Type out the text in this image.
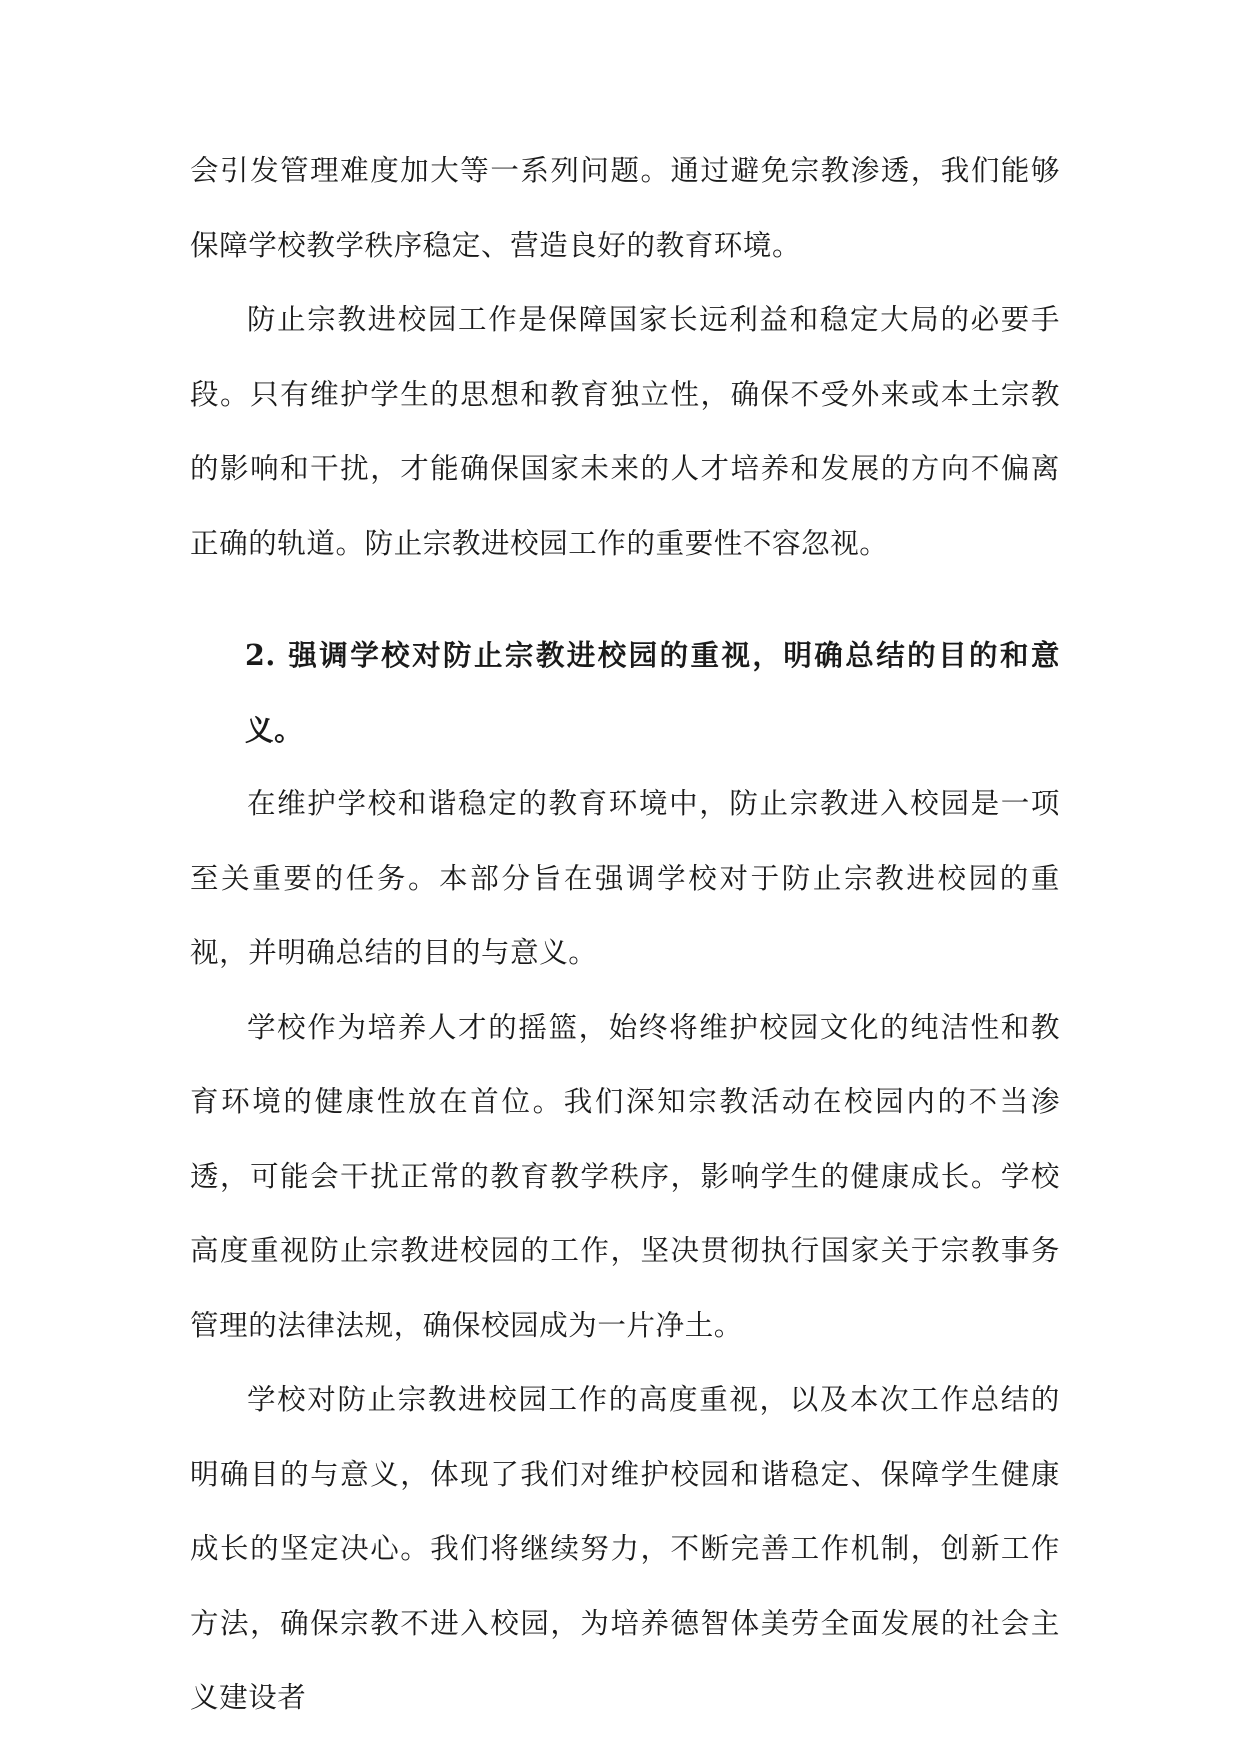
会引发管理难度加大等一系列问题。通过避免宗教渗透，我们能够保障学校教学秩序稳定、营造良好的教育环境。

防止宗教进校园工作是保障国家长远利益和稳定大局的必要手段。只有维护学生的思想和教育独立性，确保不受外来或本土宗教的影响和干扰，才能确保国家未来的人才培养和发展的方向不偏离正确的轨道。防止宗教进校园工作的重要性不容忽视。

2. 强调学校对防止宗教进校园的重视，明确总结的目的和意义。

在维护学校和谐稳定的教育环境中，防止宗教进入校园是一项至关重要的任务。本部分旨在强调学校对于防止宗教进校园的重视，并明确总结的目的与意义。

学校作为培养人才的摇篮，始终将维护校园文化的纯洁性和教育环境的健康性放在首位。我们深知宗教活动在校园内的不当渗透，可能会干扰正常的教育教学秩序，影响学生的健康成长。学校高度重视防止宗教进校园的工作，坚决贯彻执行国家关于宗教事务管理的法律法规，确保校园成为一片净土。

学校对防止宗教进校园工作的高度重视，以及本次工作总结的明确目的与意义，体现了我们对维护校园和谐稳定、保障学生健康成长的坚定决心。我们将继续努力，不断完善工作机制，创新工作方法，确保宗教不进入校园，为培养德智体美劳全面发展的社会主义建设者
